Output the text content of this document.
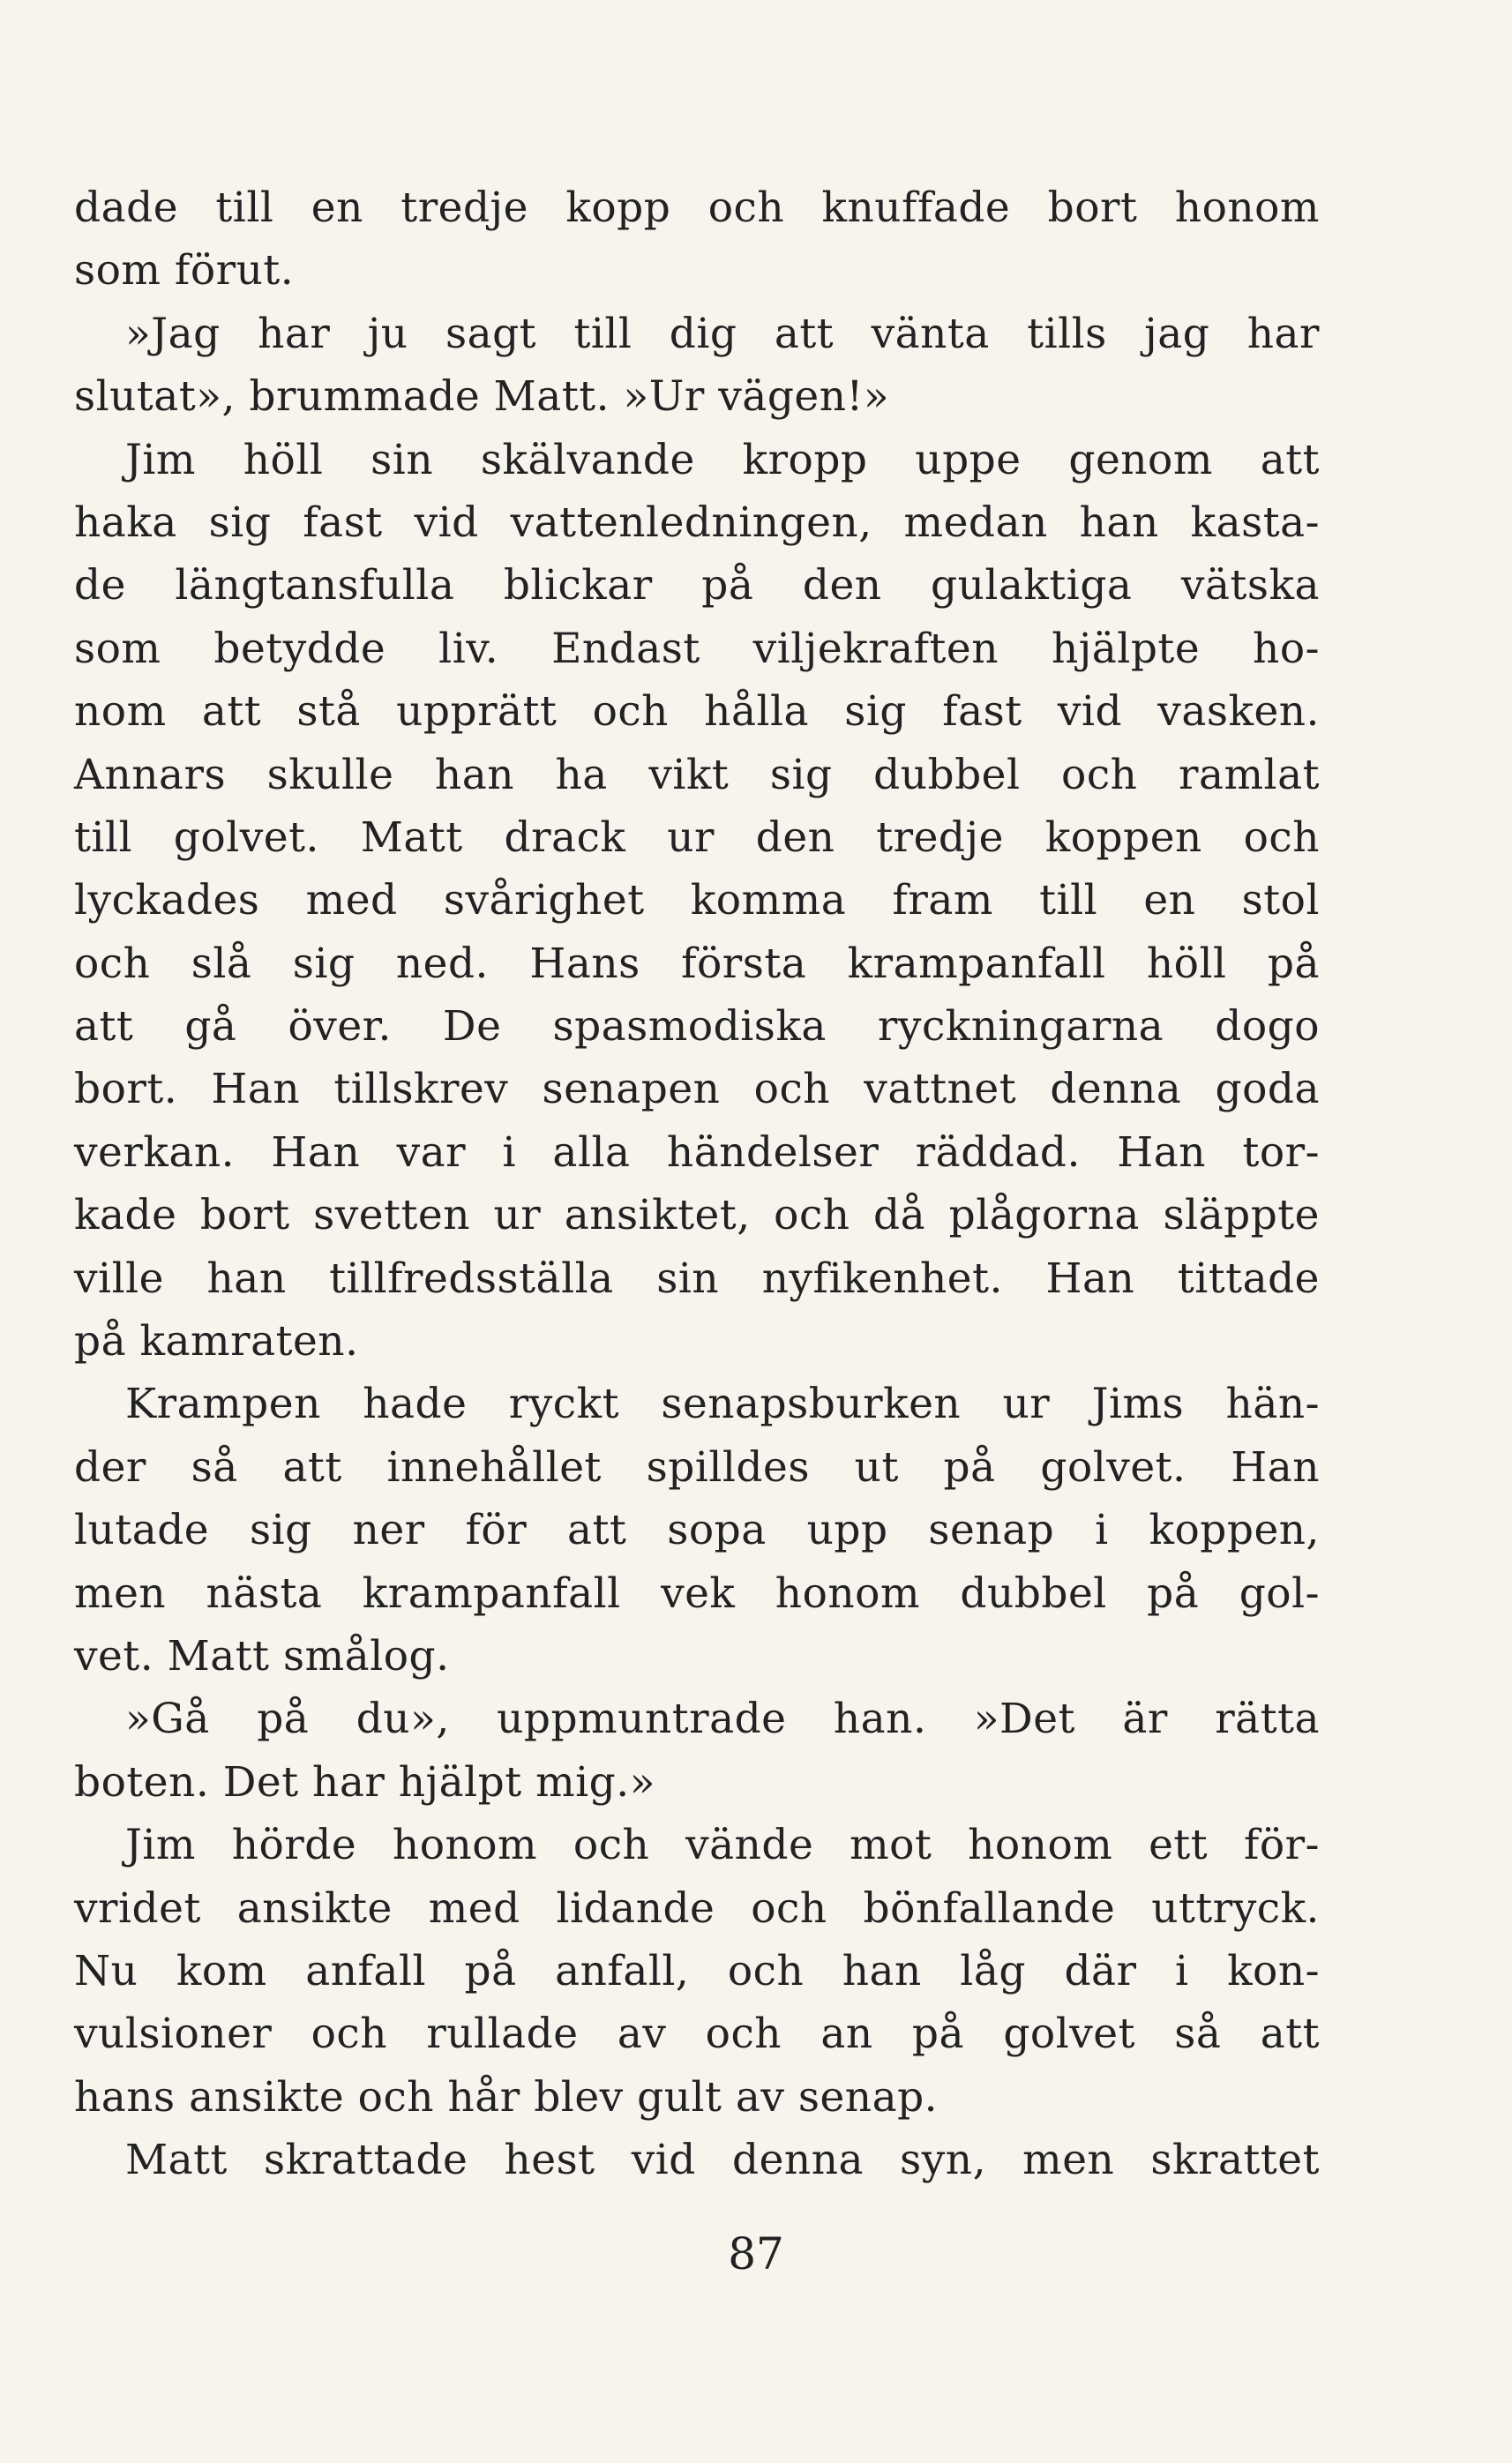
dade till en tredje kopp och knuffade bort honom
som förut.
»Jag har ju sagt till dig att vänta tills jag har
slutat», brummade Matt. »Ur vägen!»
Jim höll sin skälvande kropp uppe genom att
haka sig fast vid vattenledningen, medan han kasta-
de längtansfulla blickar på den gulaktiga vätska
som betydde liv. Endast viljekraften hjälpte ho-
nom att stå upprätt och hålla sig fast vid vasken.
Annars skulle han ha vikt sig dubbel och ramlat
till golvet. Matt drack ur den tredje koppen och
lyckades med svårighet komma fram till en stol
och slå sig ned. Hans första krampanfall höll på
att gå över. De spasmodiska ryckningarna dogo
bort. Han tillskrev senapen och vattnet denna goda
verkan. Han var i alla händelser räddad. Han tor-
kade bort svetten ur ansiktet, och då plågorna släppte
ville han tillfredsställa sin nyfikenhet. Han tittade
på kamraten.
Krampen hade ryckt senapsburken ur Jims hän-
der så att innehållet spilldes ut på golvet. Han
lutade sig ner för att sopa upp senap i koppen,
men nästa krampanfall vek honom dubbel på gol-
vet. Matt smålog.
»Gå på du», uppmuntrade han. »Det är rätta
boten. Det har hjälpt mig.»
Jim hörde honom och vände mot honom ett för-
vridet ansikte med lidande och bönfallande uttryck.
Nu kom anfall på anfall, och han låg där i kon-
vulsioner och rullade av och an på golvet så att
hans ansikte och hår blev gult av senap.
Matt skrattade hest vid denna syn, men skrattet
87
